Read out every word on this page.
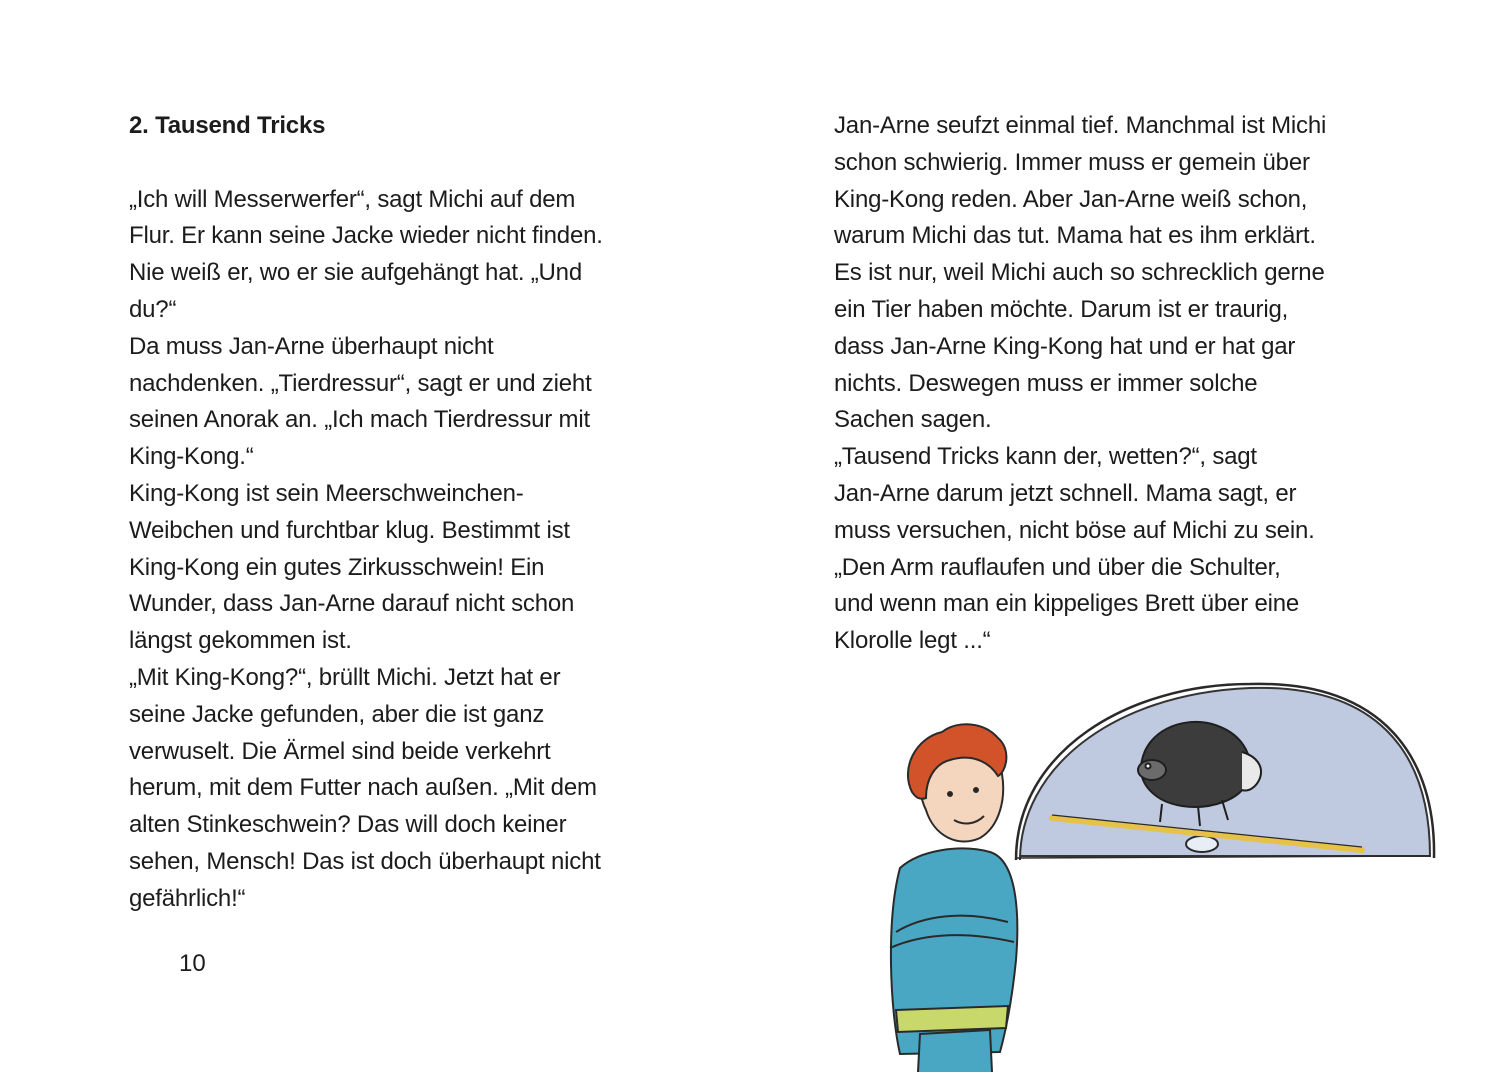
2. Tausend Tricks
„Ich will Messerwerfer“, sagt Michi auf dem
Flur. Er kann seine Jacke wieder nicht finden.
Nie weiß er, wo er sie aufgehängt hat. „Und
du?“
Da muss Jan-Arne überhaupt nicht
nachdenken. „Tierdressur“, sagt er und zieht
seinen Anorak an. „Ich mach Tierdressur mit
King-Kong.“
King-Kong ist sein Meerschweinchen-
Weibchen und furchtbar klug. Bestimmt ist
King-Kong ein gutes Zirkusschwein! Ein
Wunder, dass Jan-Arne darauf nicht schon
längst gekommen ist.
„Mit King-Kong?“, brüllt Michi. Jetzt hat er
seine Jacke gefunden, aber die ist ganz
verwuselt. Die Ärmel sind beide verkehrt
herum, mit dem Futter nach außen. „Mit dem
alten Stinkeschwein? Das will doch keiner
sehen, Mensch! Das ist doch überhaupt nicht
gefährlich!“
10
Jan-Arne seufzt einmal tief. Manchmal ist Michi
schon schwierig. Immer muss er gemein über
King-Kong reden. Aber Jan-Arne weiß schon,
warum Michi das tut. Mama hat es ihm erklärt.
Es ist nur, weil Michi auch so schrecklich gerne
ein Tier haben möchte. Darum ist er traurig,
dass Jan-Arne King-Kong hat und er hat gar
nichts. Deswegen muss er immer solche
Sachen sagen.
„Tausend Tricks kann der, wetten?“, sagt
Jan-Arne darum jetzt schnell. Mama sagt, er
muss versuchen, nicht böse auf Michi zu sein.
„Den Arm rauflaufen und über die Schulter,
und wenn man ein kippeliges Brett über eine
Klorolle legt ...“
